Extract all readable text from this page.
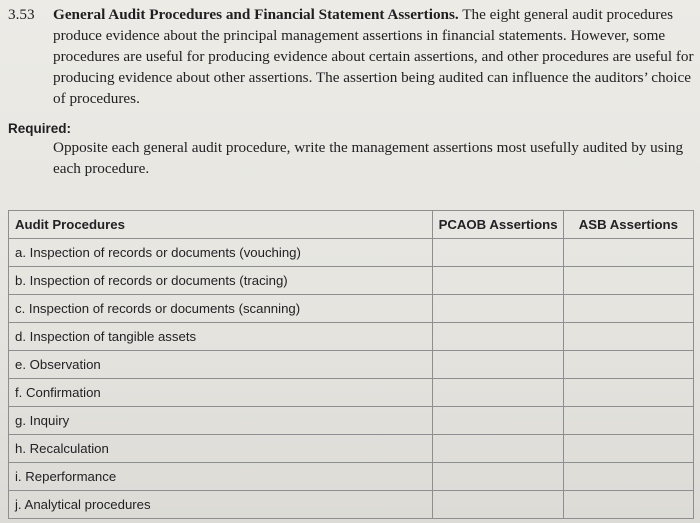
3.53 General Audit Procedures and Financial Statement Assertions. The eight general audit procedures produce evidence about the principal management assertions in financial statements. However, some procedures are useful for producing evidence about certain assertions, and other procedures are useful for producing evidence about other assertions. The assertion being audited can influence the auditors’ choice of procedures.
Required:
Opposite each general audit procedure, write the management assertions most usefully audited by using each procedure.
Audit Procedures	PCAOB Assertions	ASB Assertions
a. Inspection of records or documents (vouching)		
b. Inspection of records or documents (tracing)		
c. Inspection of records or documents (scanning)		
d. Inspection of tangible assets		
e. Observation		
f. Confirmation		
g. Inquiry		
h. Recalculation		
i. Reperformance		
j. Analytical procedures		
